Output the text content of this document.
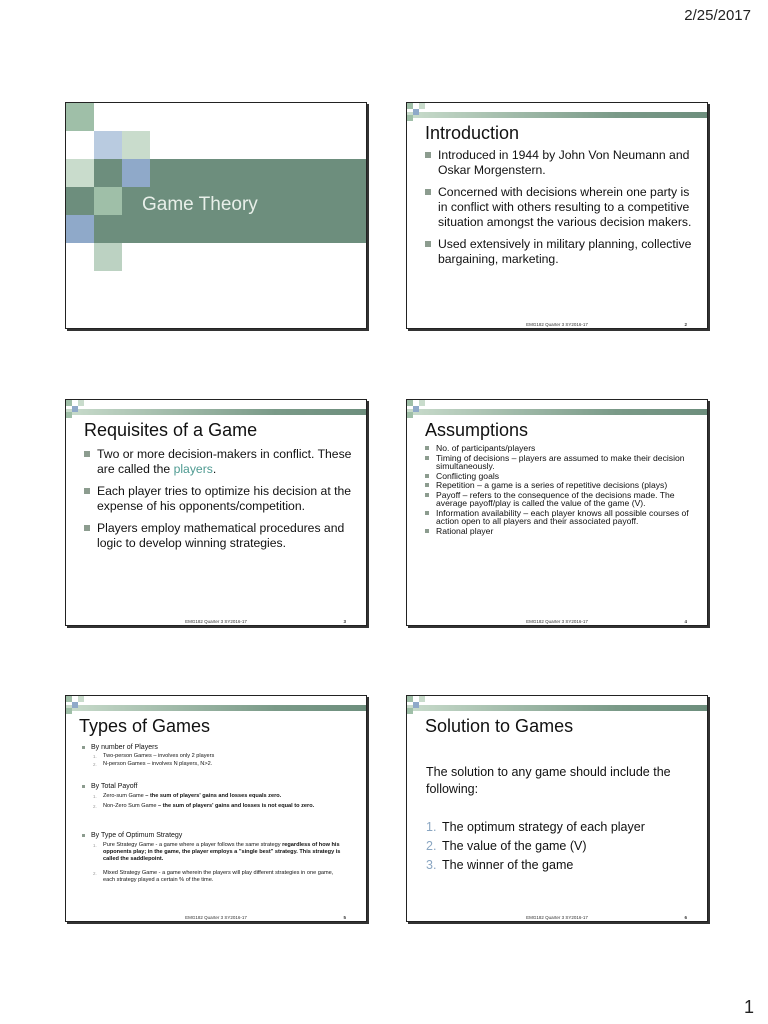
2/25/2017
Game Theory
Introduction
Introduced in 1944 by John Von Neumann and Oskar Morgenstern.
Concerned with decisions wherein one party is in conflict with others resulting to a competitive situation amongst the various decision makers.
Used extensively in military planning, collective bargaining, marketing.
EMG182 Quarter 3 SY2016-17	2
Requisites of a Game
Two or more decision-makers in conflict. These are called the players.
Each player tries to optimize his decision at the expense of his opponents/competition.
Players employ mathematical procedures and logic to develop winning strategies.
EMG182 Quarter 3 SY2016-17	3
Assumptions
No. of participants/players
Timing of decisions – players are assumed to make their decision simultaneously.
Conflicting goals
Repetition – a game is a series of repetitive decisions (plays)
Payoff – refers to the consequence of the decisions made. The average payoff/play is called the value of the game (V).
Information availability – each player knows all possible courses of action open to all players and their associated payoff.
Rational player
EMG182 Quarter 3 SY2016-17	4
Types of Games
By number of Players
1. Two-person Games – involves only 2 players
2. N-person Games – involves N players, N>2.
By Total Payoff
1. Zero-sum Game – the sum of players' gains and losses equals zero.
2. Non-Zero Sum Game – the sum of players' gains and losses is not equal to zero.
By Type of Optimum Strategy
1. Pure Strategy Game - a game where a player follows the same strategy regardless of how his opponents play; in the game, the player employs a "single best" strategy. This strategy is called the saddlepoint.
2. Mixed Strategy Game - a game wherein the players will play different strategies in one game, each strategy played a certain % of the time.
EMG182 Quarter 3 SY2016-17	5
Solution to Games
The solution to any game should include the following:
1. The optimum strategy of each player
2. The value of the game (V)
3. The winner of the game
EMG182 Quarter 3 SY2016-17	6
1
